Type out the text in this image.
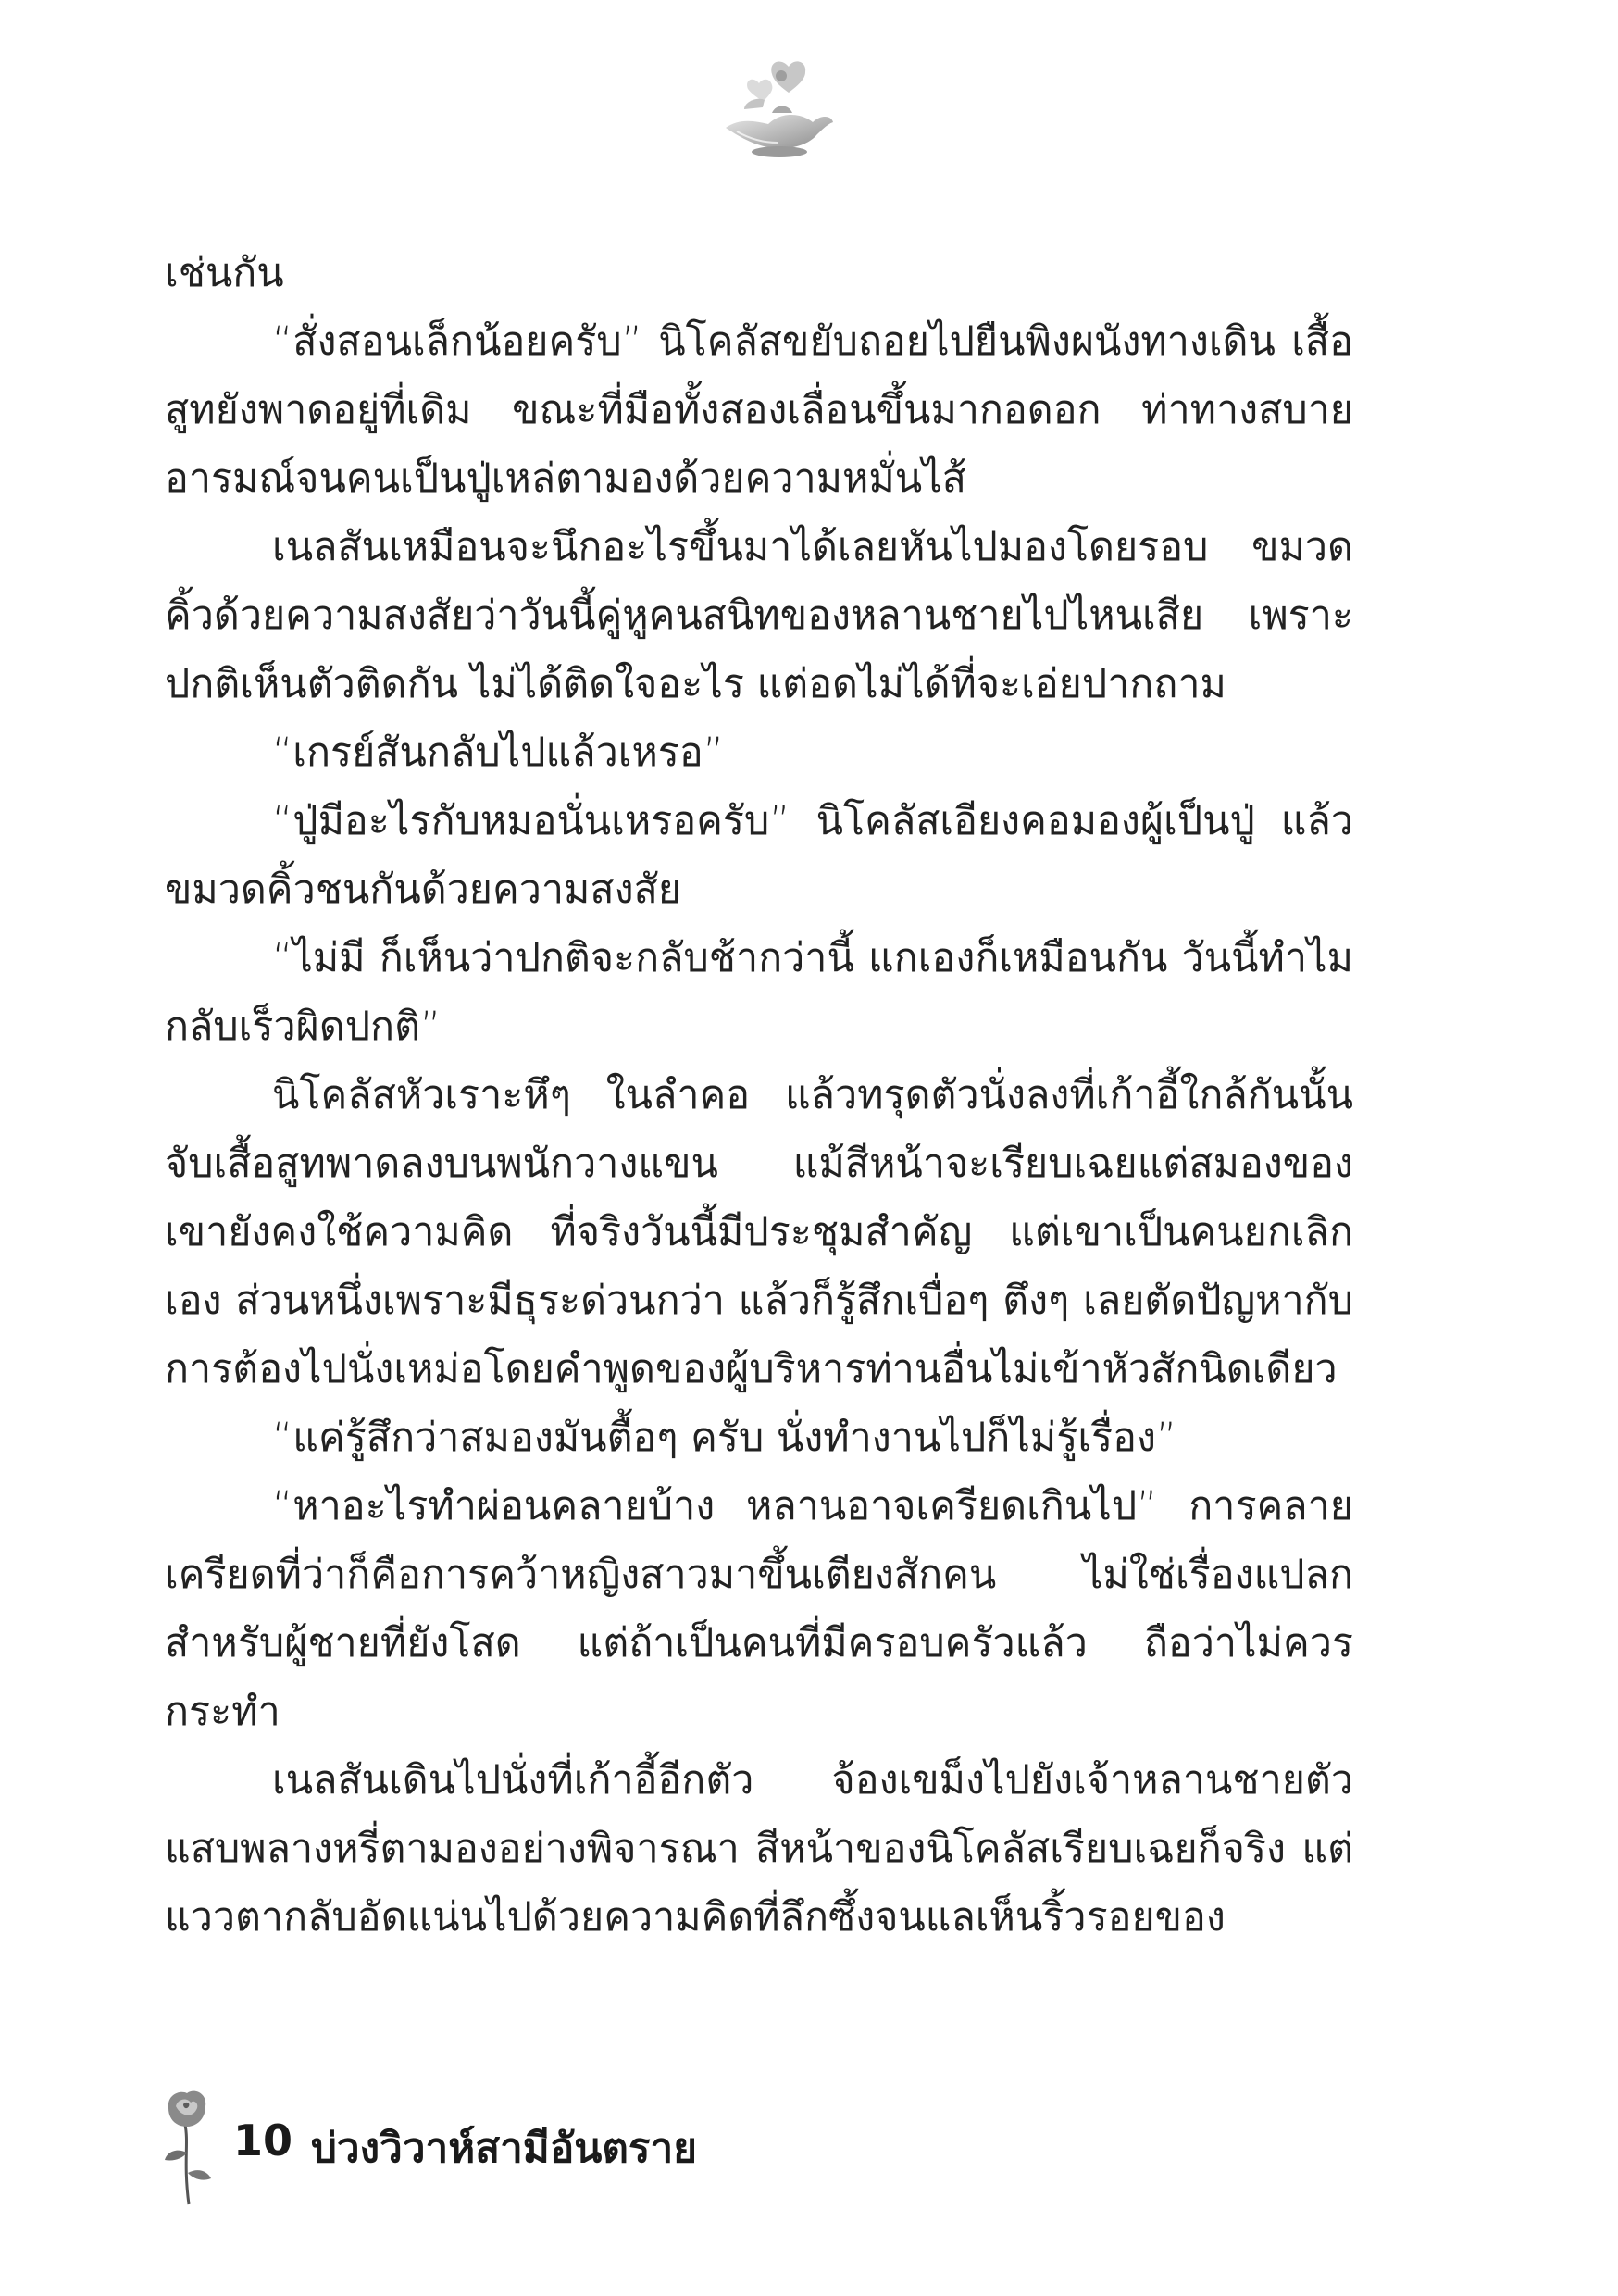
เช่นกัน

“สั่งสอนเล็กน้อยครับ” นิโคลัสขยับถอยไปยืนพิงผนังทางเดิน เสื้อสูทยังพาดอยู่ที่เดิม ขณะที่มือทั้งสองเลื่อนขึ้นมากอดอก ท่าทางสบายอารมณ์จนคนเป็นปู่เหล่ตามองด้วยความหมั่นไส้

เนลสันเหมือนจะนึกอะไรขึ้นมาได้เลยหันไปมองโดยรอบ ขมวดคิ้วด้วยความสงสัยว่าวันนี้คู่หูคนสนิทของหลานชายไปไหนเสีย เพราะปกติเห็นตัวติดกัน ไม่ได้ติดใจอะไร แต่อดไม่ได้ที่จะเอ่ยปากถาม

“เกรย์สันกลับไปแล้วเหรอ”

“ปู่มีอะไรกับหมอนั่นเหรอครับ” นิโคลัสเอียงคอมองผู้เป็นปู่ แล้วขมวดคิ้วชนกันด้วยความสงสัย

“ไม่มี ก็เห็นว่าปกติจะกลับช้ากว่านี้ แกเองก็เหมือนกัน วันนี้ทำไมกลับเร็วผิดปกติ”

นิโคลัสหัวเราะหึๆ ในลำคอ แล้วทรุดตัวนั่งลงที่เก้าอี้ใกล้กันนั้น จับเสื้อสูทพาดลงบนพนักวางแขน แม้สีหน้าจะเรียบเฉยแต่สมองของเขายังคงใช้ความคิด ที่จริงวันนี้มีประชุมสำคัญ แต่เขาเป็นคนยกเลิกเอง ส่วนหนึ่งเพราะมีธุระด่วนกว่า แล้วก็รู้สึกเบื่อๆ ตึงๆ เลยตัดปัญหากับการต้องไปนั่งเหม่อโดยคำพูดของผู้บริหารท่านอื่นไม่เข้าหัวสักนิดเดียว

“แค่รู้สึกว่าสมองมันตื้อๆ ครับ นั่งทำงานไปก็ไม่รู้เรื่อง”

“หาอะไรทำผ่อนคลายบ้าง หลานอาจเครียดเกินไป” การคลายเครียดที่ว่าก็คือการคว้าหญิงสาวมาขึ้นเตียงสักคน ไม่ใช่เรื่องแปลกสำหรับผู้ชายที่ยังโสด แต่ถ้าเป็นคนที่มีครอบครัวแล้ว ถือว่าไม่ควรกระทำ

เนลสันเดินไปนั่งที่เก้าอี้อีกตัว จ้องเขม็งไปยังเจ้าหลานชายตัวแสบพลางหรี่ตามองอย่างพิจารณา สีหน้าของนิโคลัสเรียบเฉยก็จริง แต่แววตากลับอัดแน่นไปด้วยความคิดที่ลึกซึ้งจนแลเห็นริ้วรอยของ

10 บ่วงวิวาห์สามีอันตราย
